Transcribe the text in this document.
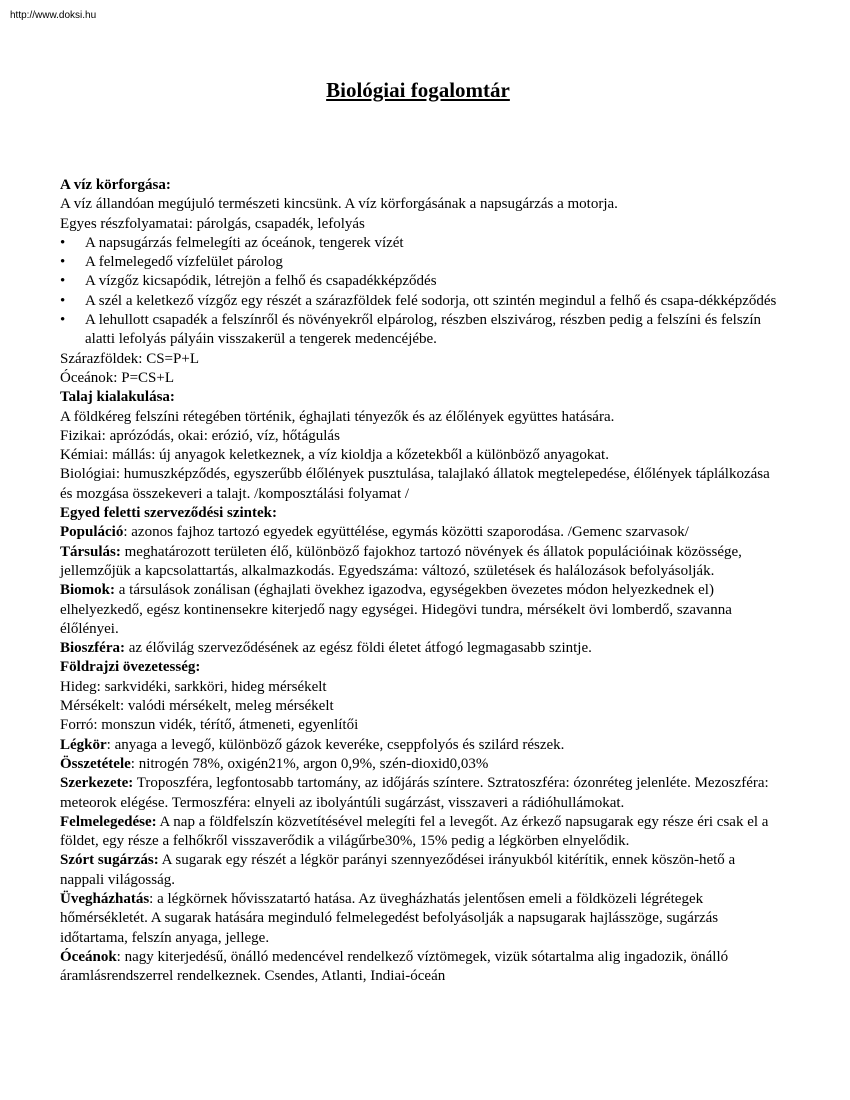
http://www.doksi.hu
Biológiai fogalomtár

A víz körforgása:

A víz állandóan megújuló természeti kincsünk. A víz körforgásának a napsugárzás a motorja.

Egyes részfolyamatai: párolgás, csapadék, lefolyás

• A napsugárzás felmelegíti az óceánok, tengerek vízét
• A felmelegedő vízfelület párolog
• A vízgőz kicsapódik, létrejön a felhő és csapadékképződés
• A szél a keletkező vízgőz egy részét a szárazföldek felé sodorja, ott szintén megindul a felhő és csapa-dékképződés
• A lehullott csapadék a felszínről és növényekről elpárolog, részben elszivárog, részben pedig a felszíni és felszín alatti lefolyás pályáin visszakerül a tengerek medencéjébe.

Szárazföldek: CS=P+L

Óceánok: P=CS+L

Talaj kialakulása:

A földkéreg felszíni rétegében történik, éghajlati tényezők és az élőlények együttes hatására.

Fizikai: aprózódás, okai: erózió, víz, hőtágulás

Kémiai: mállás: új anyagok keletkeznek, a víz kioldja a kőzetekből a különböző anyagokat.

Biológiai: humuszképződés, egyszerűbb élőlények pusztulása, talajlakó állatok megtelepedése, élőlények táplálkozása és mozgása összekeveri a talajt. /komposztálási folyamat /

Egyed feletti szerveződési szintek:

Populáció: azonos fajhoz tartozó egyedek együttélése, egymás közötti szaporodása. /Gemenc szarvasok/

Társulás: meghatározott területen élő, különböző fajokhoz tartozó növények és állatok populációinak közössége, jellemzőjük a kapcsolattartás, alkalmazkodás. Egyedszáma: változó, születések és halálozások befolyásolják.

Biomok: a társulások zonálisan (éghajlati övekhez igazodva, egységekben övezetes módon helyezkednek el) elhelyezkedő, egész kontinensekre kiterjedő nagy egységei. Hidegövi tundra, mérsékelt övi lomberdő, szavanna élőlényei.

Bioszféra: az élővilág szerveződésének az egész földi életet átfogó legmagasabb szintje.

Földrajzi övezetesség:

Hideg: sarkvidéki, sarkköri, hideg mérsékelt

Mérsékelt: valódi mérsékelt, meleg mérsékelt

Forró: monszun vidék, térítő, átmeneti, egyenlítői

Légkör: anyaga a levegő, különböző gázok keveréke, cseppfolyós és szilárd részek.

Összetétele: nitrogén 78%, oxigén21%, argon 0,9%, szén-dioxid0,03%

Szerkezete: Troposzféra, legfontosabb tartomány, az időjárás színtere. Sztratoszféra: ózonréteg jelenléte. Mezoszféra: meteorok elégése. Termoszféra: elnyeli az ibolyántúli sugárzást, visszaveri a rádióhullámokat.

Felmelegedése: A nap a földfelszín közvetítésével melegíti fel a levegőt. Az érkező napsugarak egy része éri csak el a földet, egy része a felhőkről visszaverődik a világűrbe30%, 15% pedig a légkörben elnyelődik.

Szórt sugárzás: A sugarak egy részét a légkör parányi szennyeződései irányukból kitérítik, ennek köszön-hető a nappali világosság.

Üvegházhatás: a légkörnek hővisszatartó hatása. Az üvegházhatás jelentősen emeli a földközeli légrétegek hőmérsékletét. A sugarak hatására meginduló felmelegedést befolyásolják a napsugarak hajlásszöge, sugárzás időtartama, felszín anyaga, jellege.

Óceánok: nagy kiterjedésű, önálló medencével rendelkező víztömegek, vizük sótartalma alig ingadozik, önálló áramlásrendszerrel rendelkeznek. Csendes, Atlanti, Indiai-óceán
